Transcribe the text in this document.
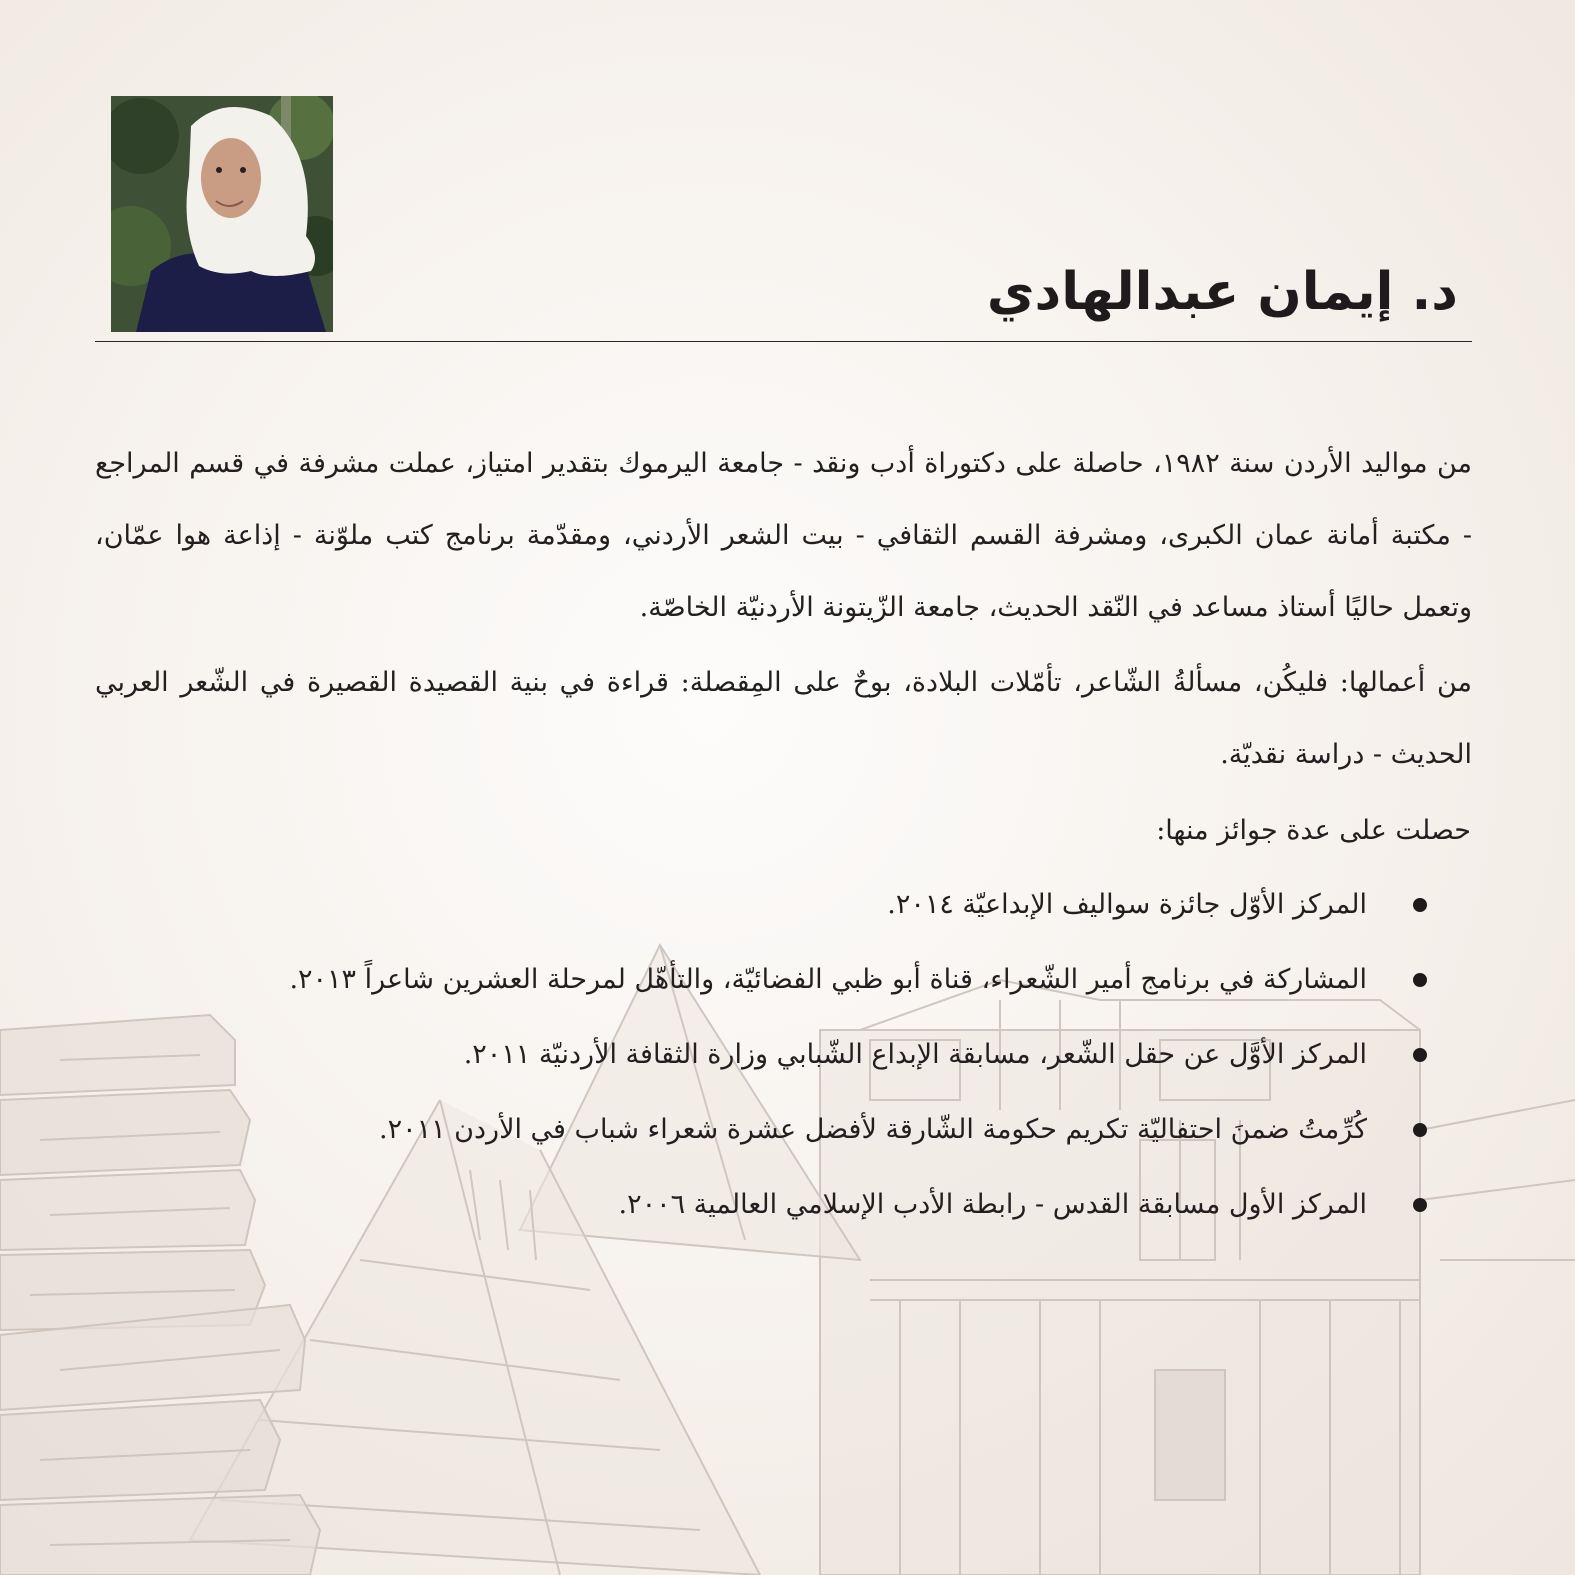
د. إيمان عبدالهادي

من مواليد الأردن سنة ١٩٨٢، حاصلة على دكتوراة أدب ونقد - جامعة اليرموك بتقدير امتياز، عملت مشرفة في قسم المراجع - مكتبة أمانة عمان الكبرى، ومشرفة القسم الثقافي - بيت الشعر الأردني، ومقدّمة برنامج كتب ملوّنة - إذاعة هوا عمّان، وتعمل حاليًا أستاذ مساعد في النّقد الحديث، جامعة الزّيتونة الأردنيّة الخاصّة.

من أعمالها: فليكُن، مسألةُ الشّاعر، تأمّلات البلادة، بوحٌ على المِقصلة: قراءة في بنية القصيدة القصيرة في الشّعر العربي الحديث - دراسة نقديّة.

حصلت على عدة جوائز منها:

المركز الأوّل جائزة سواليف الإبداعيّة ٢٠١٤.
المشاركة في برنامج أمير الشّعراء، قناة أبو ظبي الفضائيّة، والتأهّل لمرحلة العشرين شاعراً ٢٠١٣.
المركز الأوَّل عن حقل الشّعر، مسابقة الإبداع الشّبابي وزارة الثقافة الأردنيّة ٢٠١١.
كُرِّمتُ ضمنَ احتفاليّة تكريم حكومة الشّارقة لأفضل عشرة شعراء شباب في الأردن ٢٠١١.
المركز الأول مسابقة القدس - رابطة الأدب الإسلامي العالمية ٢٠٠٦.
